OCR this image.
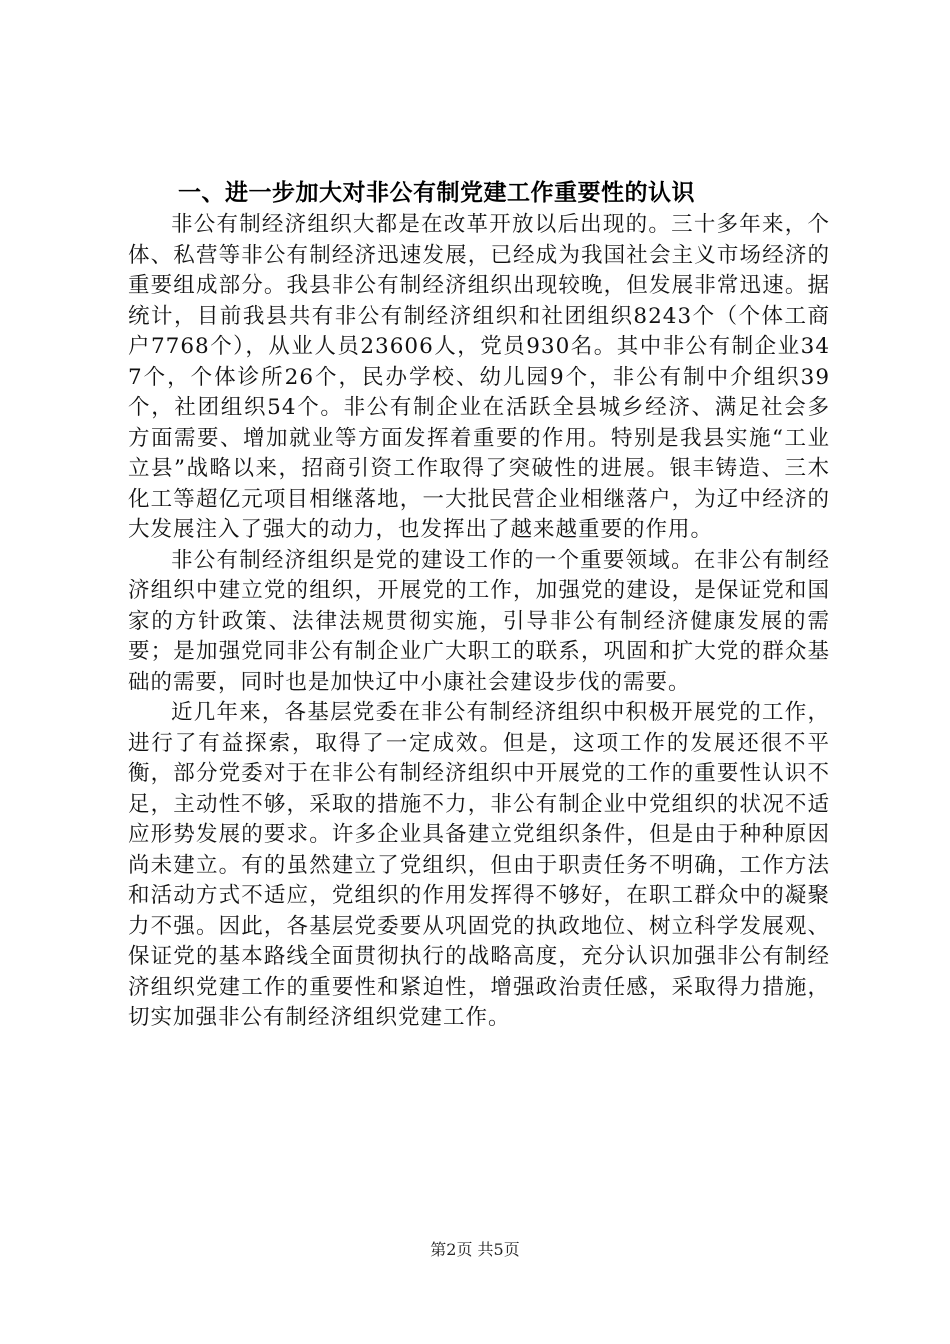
一、进一步加大对非公有制党建工作重要性的认识

非公有制经济组织大都是在改革开放以后出现的。三十多年来，个体、私营等非公有制经济迅速发展，已经成为我国社会主义市场经济的重要组成部分。我县非公有制经济组织出现较晚，但发展非常迅速。据统计，目前我县共有非公有制经济组织和社团组织8243个（个体工商户7768个），从业人员23606人，党员930名。其中非公有制企业347个，个体诊所26个，民办学校、幼儿园9个，非公有制中介组织39个，社团组织54个。非公有制企业在活跃全县城乡经济、满足社会多方面需要、增加就业等方面发挥着重要的作用。特别是我县实施“工业立县”战略以来，招商引资工作取得了突破性的进展。银丰铸造、三木化工等超亿元项目相继落地，一大批民营企业相继落户，为辽中经济的大发展注入了强大的动力，也发挥出了越来越重要的作用。

非公有制经济组织是党的建设工作的一个重要领域。在非公有制经济组织中建立党的组织，开展党的工作，加强党的建设，是保证党和国家的方针政策、法律法规贯彻实施，引导非公有制经济健康发展的需要；是加强党同非公有制企业广大职工的联系，巩固和扩大党的群众基础的需要，同时也是加快辽中小康社会建设步伐的需要。

近几年来，各基层党委在非公有制经济组织中积极开展党的工作，进行了有益探索，取得了一定成效。但是，这项工作的发展还很不平衡，部分党委对于在非公有制经济组织中开展党的工作的重要性认识不足，主动性不够，采取的措施不力，非公有制企业中党组织的状况不适应形势发展的要求。许多企业具备建立党组织条件，但是由于种种原因尚未建立。有的虽然建立了党组织，但由于职责任务不明确，工作方法和活动方式不适应，党组织的作用发挥得不够好，在职工群众中的凝聚力不强。因此，各基层党委要从巩固党的执政地位、树立科学发展观、保证党的基本路线全面贯彻执行的战略高度，充分认识加强非公有制经济组织党建工作的重要性和紧迫性，增强政治责任感，采取得力措施，切实加强非公有制经济组织党建工作。

第2页 共5页
